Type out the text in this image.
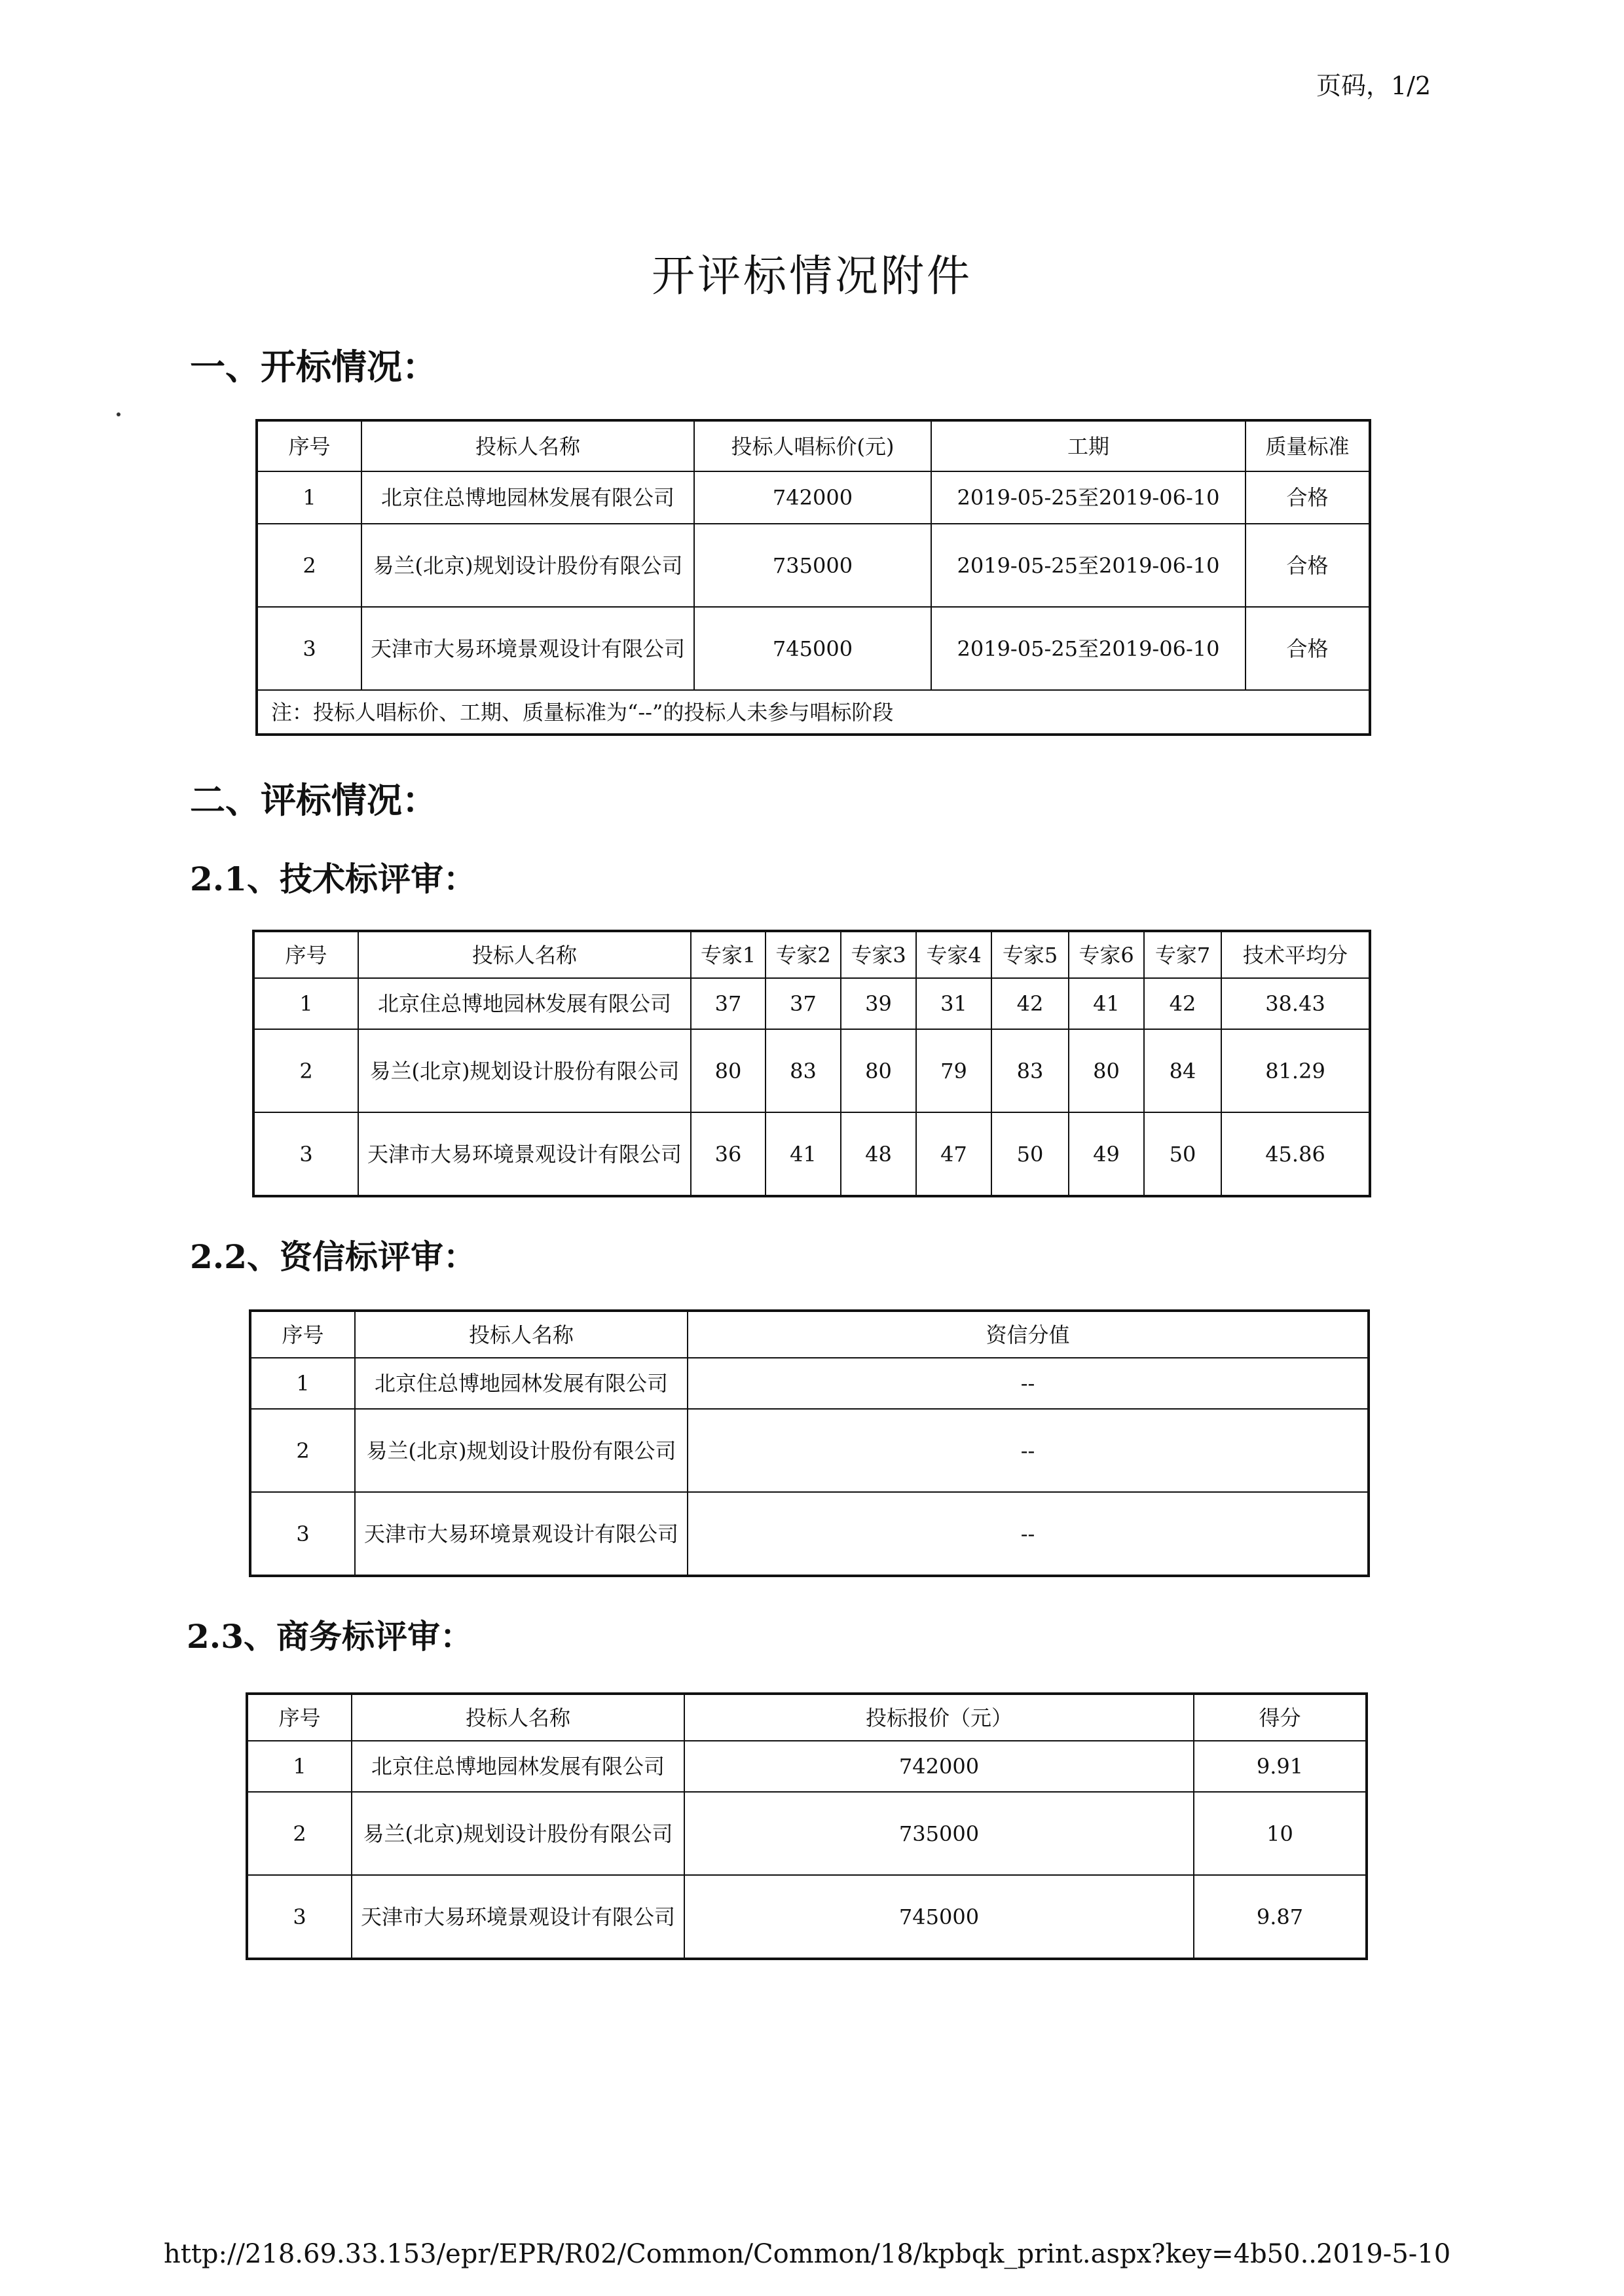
页码，1/2
开评标情况附件
一、开标情况：
序号	投标人名称	投标人唱标价(元)	工期	质量标准
1	北京住总博地园林发展有限公司	742000	2019-05-25至2019-06-10	合格
2	易兰(北京)规划设计股份有限公司	735000	2019-05-25至2019-06-10	合格
3	天津市大易环境景观设计有限公司	745000	2019-05-25至2019-06-10	合格
注：投标人唱标价、工期、质量标准为“--”的投标人未参与唱标阶段				
二、评标情况：
2.1、技术标评审：
序号	投标人名称	专家1	专家2	专家3	专家4	专家5	专家6	专家7	技术平均分
1	北京住总博地园林发展有限公司	37	37	39	31	42	41	42	38.43
2	易兰(北京)规划设计股份有限公司	80	83	80	79	83	80	84	81.29
3	天津市大易环境景观设计有限公司	36	41	48	47	50	49	50	45.86
2.2、资信标评审：
序号	投标人名称	资信分值
1	北京住总博地园林发展有限公司	--
2	易兰(北京)规划设计股份有限公司	--
3	天津市大易环境景观设计有限公司	--
2.3、商务标评审：
序号	投标人名称	投标报价（元）	得分
1	北京住总博地园林发展有限公司	742000	9.91
2	易兰(北京)规划设计股份有限公司	735000	10
3	天津市大易环境景观设计有限公司	745000	9.87
http://218.69.33.153/epr/EPR/R02/Common/Common/18/kpbqk_print.aspx?key=4b50...
2019-5-10
